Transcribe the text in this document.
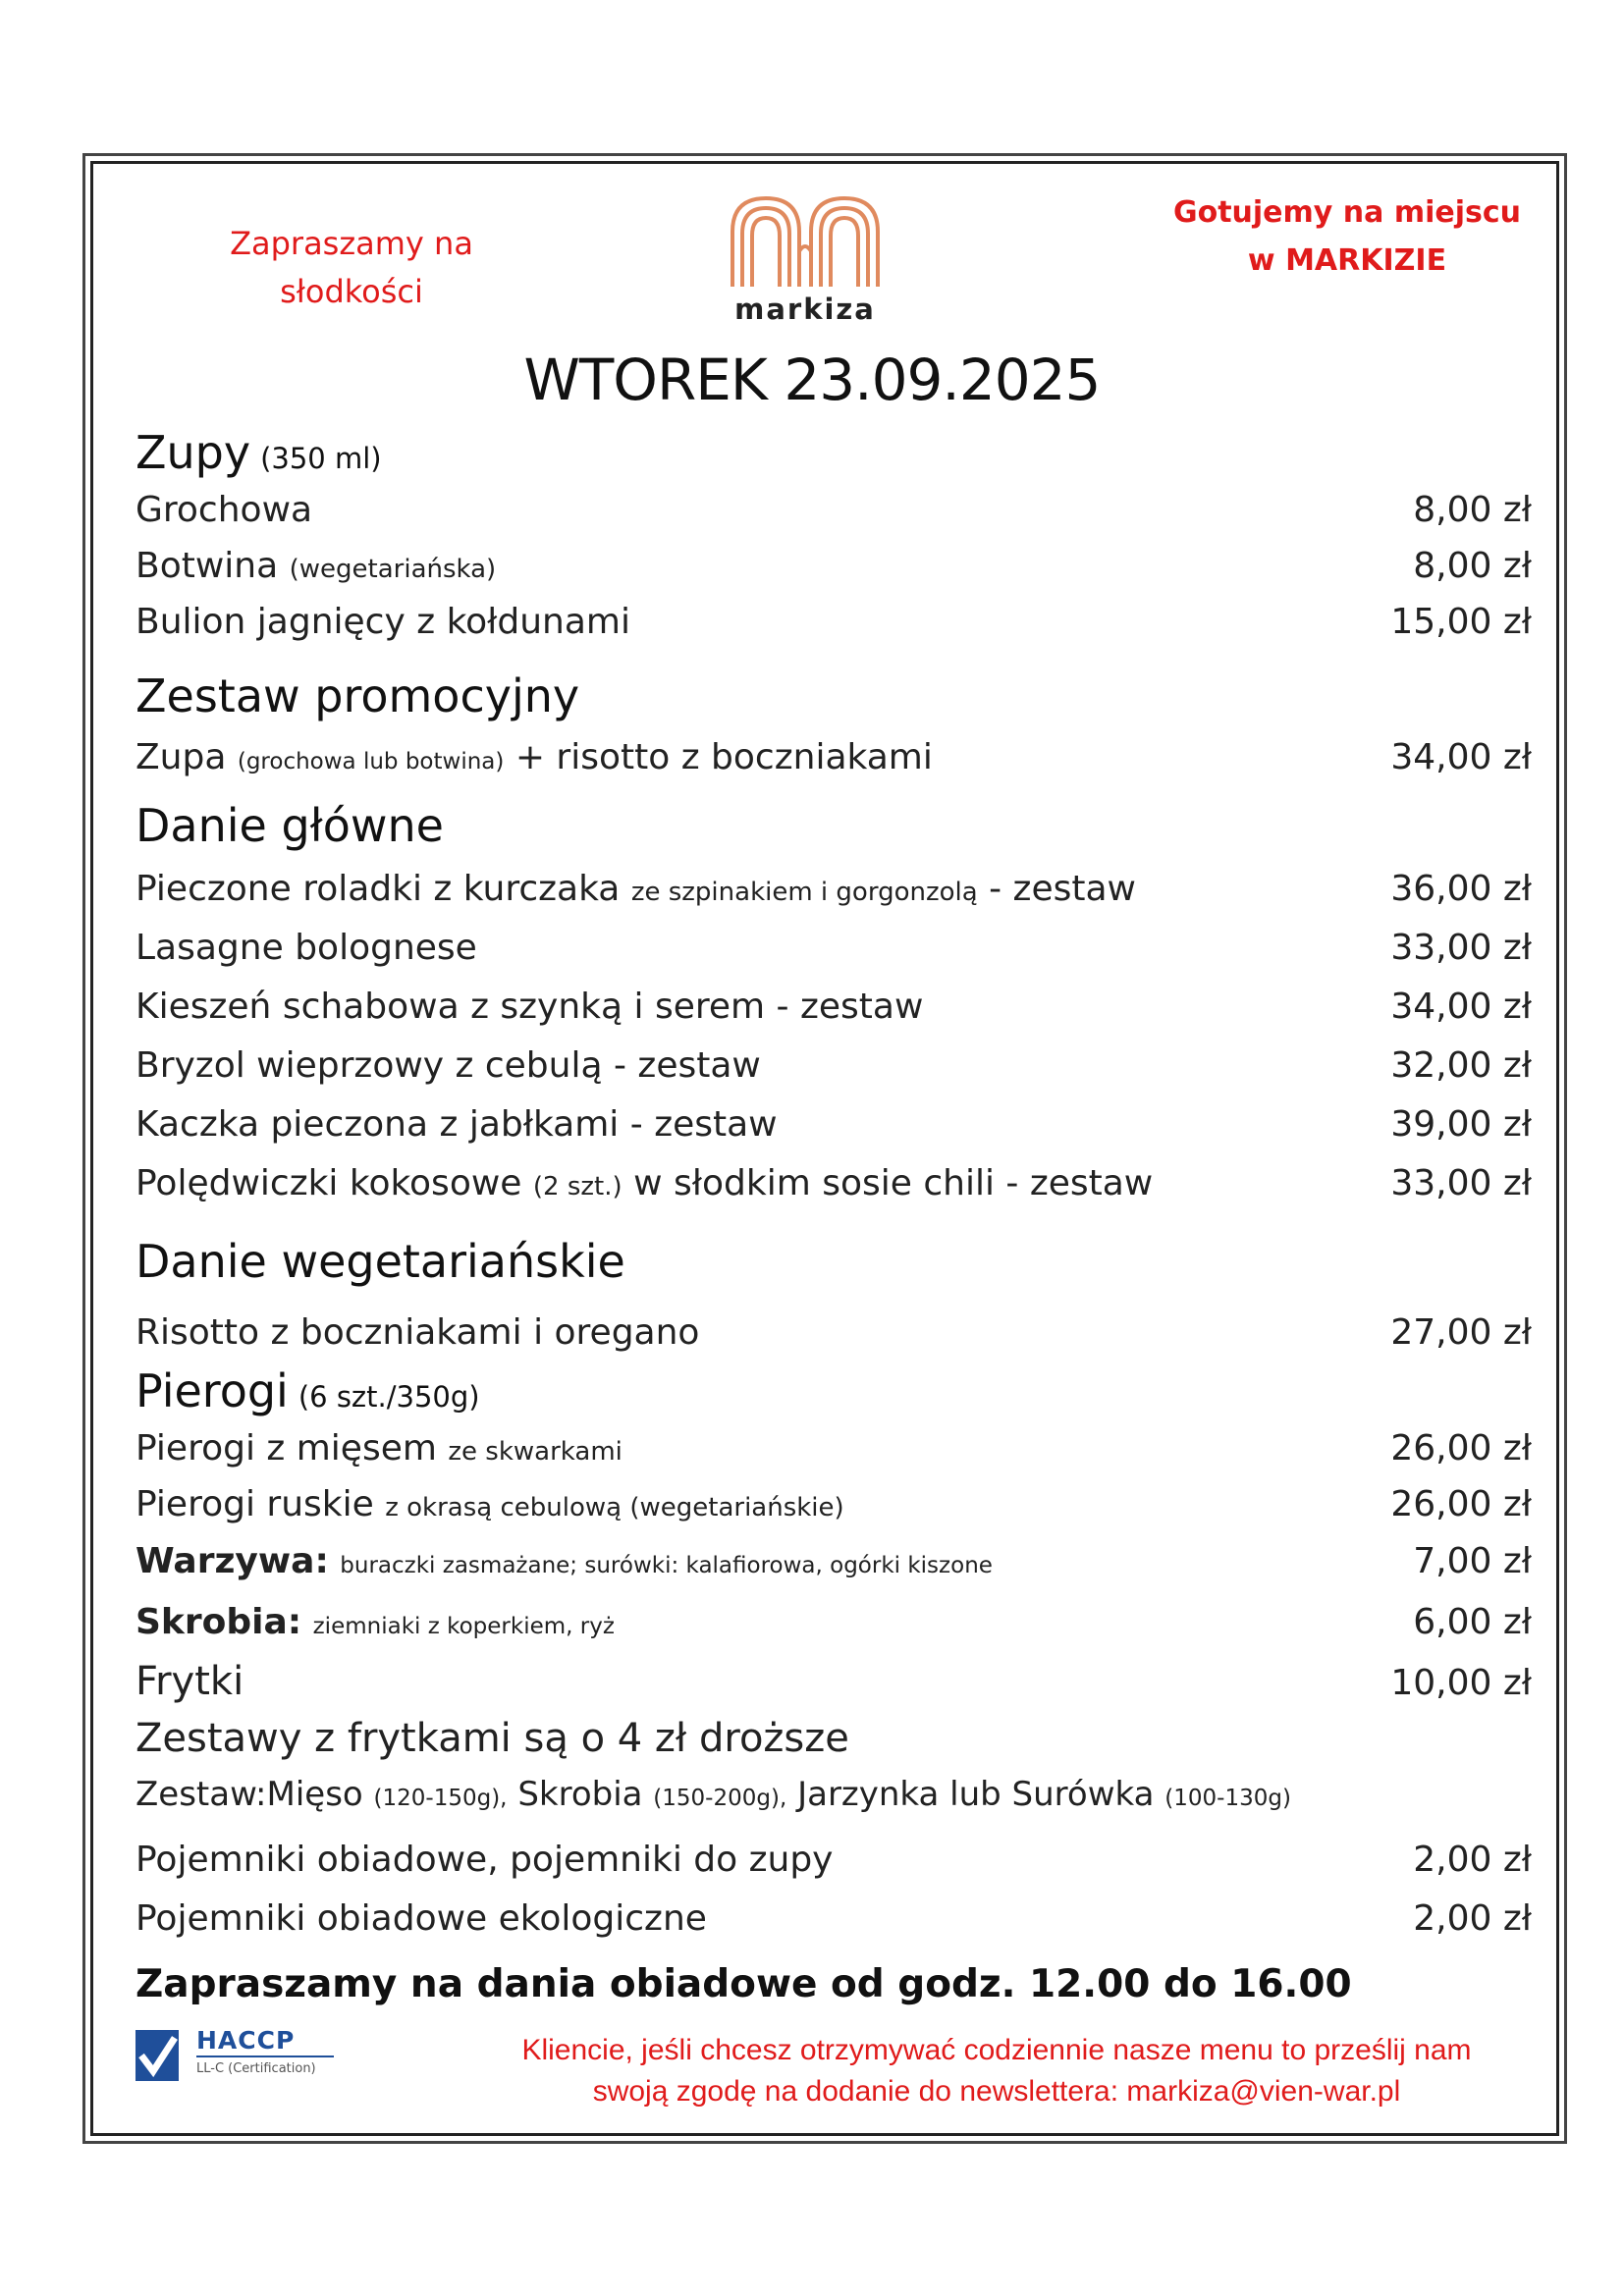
Zapraszamy na
słodkości
Gotujemy na miejscu
w MARKIZIE
markiza
WTOREK 23.09.2025
Zupy (350 ml)
Grochowa	8,00 zł
Botwina (wegetariańska)	8,00 zł
Bulion jagnięcy z kołdunami	15,00 zł
Zestaw promocyjny
Zupa (grochowa lub botwina) + risotto z boczniakami	34,00 zł
Danie główne
Pieczone roladki z kurczaka ze szpinakiem i gorgonzolą - zestaw	36,00 zł
Lasagne bolognese	33,00 zł
Kieszeń schabowa z szynką i serem - zestaw	34,00 zł
Bryzol wieprzowy z cebulą - zestaw	32,00 zł
Kaczka pieczona z jabłkami - zestaw	39,00 zł
Polędwiczki kokosowe (2 szt.) w słodkim sosie chili - zestaw	33,00 zł
Danie wegetariańskie
Risotto z boczniakami i oregano	27,00 zł
Pierogi (6 szt./350g)
Pierogi z mięsem ze skwarkami	26,00 zł
Pierogi ruskie z okrasą cebulową (wegetariańskie)	26,00 zł
Warzywa: buraczki zasmażane; surówki: kalafiorowa, ogórki kiszone	7,00 zł
Skrobia: ziemniaki z koperkiem, ryż	6,00 zł
Frytki	10,00 zł
Zestawy z frytkami są o 4 zł droższe
Zestaw:Mięso (120-150g), Skrobia (150-200g), Jarzynka lub Surówka (100-130g)
Pojemniki obiadowe, pojemniki do zupy	2,00 zł
Pojemniki obiadowe ekologiczne	2,00 zł
Zapraszamy na dania obiadowe od godz. 12.00 do 16.00
HACCP
LL-C (Certification)
Kliencie, jeśli chcesz otrzymywać codziennie nasze menu to prześlij nam
swoją zgodę na dodanie do newslettera: markiza@vien-war.pl
